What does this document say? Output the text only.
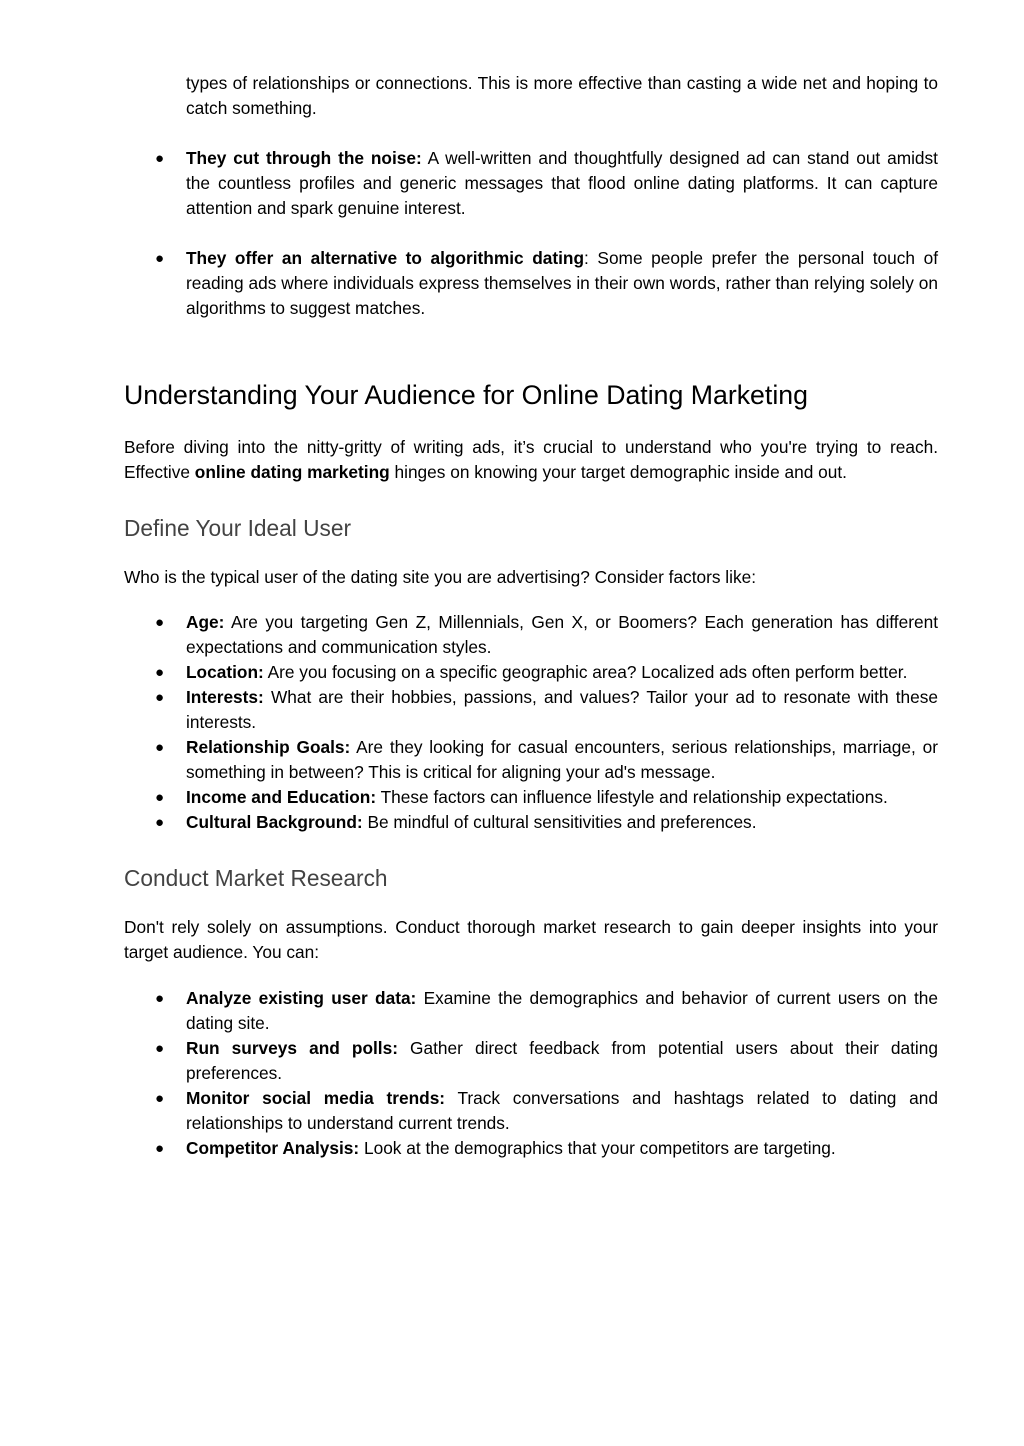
types of relationships or connections. This is more effective than casting a wide net and hoping to catch something.

● They cut through the noise: A well-written and thoughtfully designed ad can stand out amidst the countless profiles and generic messages that flood online dating platforms. It can capture attention and spark genuine interest.
● They offer an alternative to algorithmic dating: Some people prefer the personal touch of reading ads where individuals express themselves in their own words, rather than relying solely on algorithms to suggest matches.
Understanding Your Audience for Online Dating Marketing

Before diving into the nitty-gritty of writing ads, it’s crucial to understand who you're trying to reach. Effective online dating marketing hinges on knowing your target demographic inside and out.

Define Your Ideal User

Who is the typical user of the dating site you are advertising? Consider factors like:

● Age: Are you targeting Gen Z, Millennials, Gen X, or Boomers? Each generation has different expectations and communication styles.
● Location: Are you focusing on a specific geographic area? Localized ads often perform better.
● Interests: What are their hobbies, passions, and values? Tailor your ad to resonate with these interests.
● Relationship Goals: Are they looking for casual encounters, serious relationships, marriage, or something in between? This is critical for aligning your ad's message.
● Income and Education: These factors can influence lifestyle and relationship expectations.
● Cultural Background: Be mindful of cultural sensitivities and preferences.
Conduct Market Research

Don't rely solely on assumptions. Conduct thorough market research to gain deeper insights into your target audience. You can:

● Analyze existing user data: Examine the demographics and behavior of current users on the dating site.
● Run surveys and polls: Gather direct feedback from potential users about their dating preferences.
● Monitor social media trends: Track conversations and hashtags related to dating and relationships to understand current trends.
● Competitor Analysis: Look at the demographics that your competitors are targeting.
